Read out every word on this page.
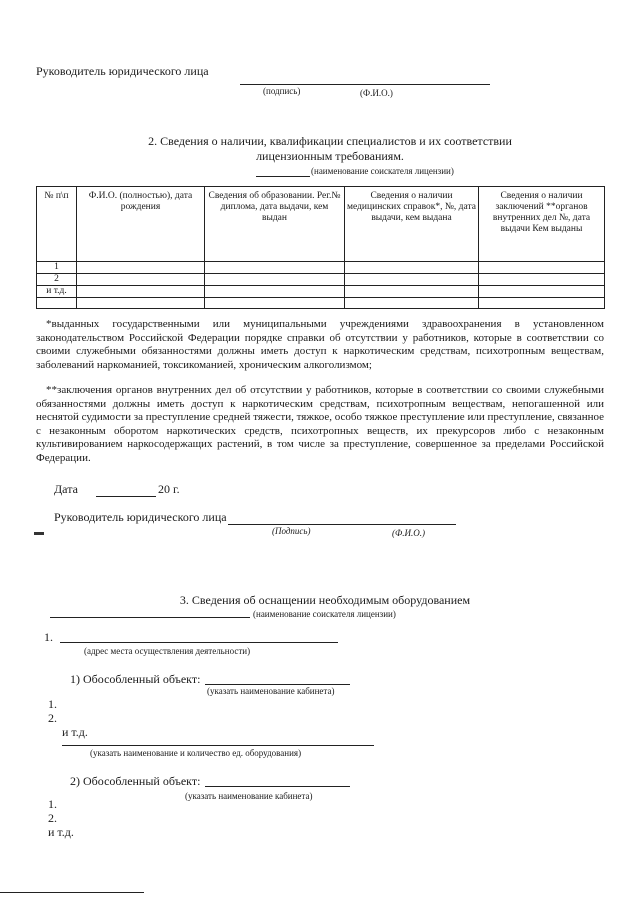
Руководитель юридического лица
(подпись)	(Ф.И.О.)
2. Сведения о наличии, квалификации специалистов и их соответствии
лицензионным требованиям.
(наименование соискателя лицензии)
№ п\п	Ф.И.О. (полностью), дата рождения	Сведения об образовании. Рег.№ диплома, дата выдачи, кем выдан	Сведения о наличии медицинских справок*, №, дата выдачи, кем выдана	Сведения о наличии заключений **органов внутренних дел №, дата выдачи Кем выданы
1				
2				
и т.д.				

*выданных государственными или муниципальными учреждениями здравоохранения в установленном законодательством Российской Федерации порядке справки об отсутствии у работников, которые в соответствии со своими служебными обязанностями должны иметь доступ к наркотическим средствам, психотропным веществам, заболеваний наркоманией, токсикоманией, хроническим алкоголизмом;

**заключения органов внутренних дел об отсутствии у работников, которые в соответствии со своими служебными обязанностями должны иметь доступ к наркотическим средствам, психотропным веществам, непогашенной или неснятой судимости за преступление средней тяжести, тяжкое, особо тяжкое преступление или преступление, связанное с незаконным оборотом наркотических средств, психотропных веществ, их прекурсоров либо с незаконным культивированием наркосодержащих растений, в том числе за преступление, совершенное за пределами Российской Федерации.

Дата	20 г.
Руководитель юридического лица
(Подпись)	(Ф.И.О.)
3. Сведения об оснащении необходимым оборудованием
(наименование соискателя лицензии)
1.
(адрес места осуществления деятельности)
1) Обособленный объект:
(указать наименование кабинета)
1.
2.
и т.д.
(указать наименование и количество ед. оборудования)
2) Обособленный объект:
(указать наименование кабинета)
1.
2.
и т.д.
